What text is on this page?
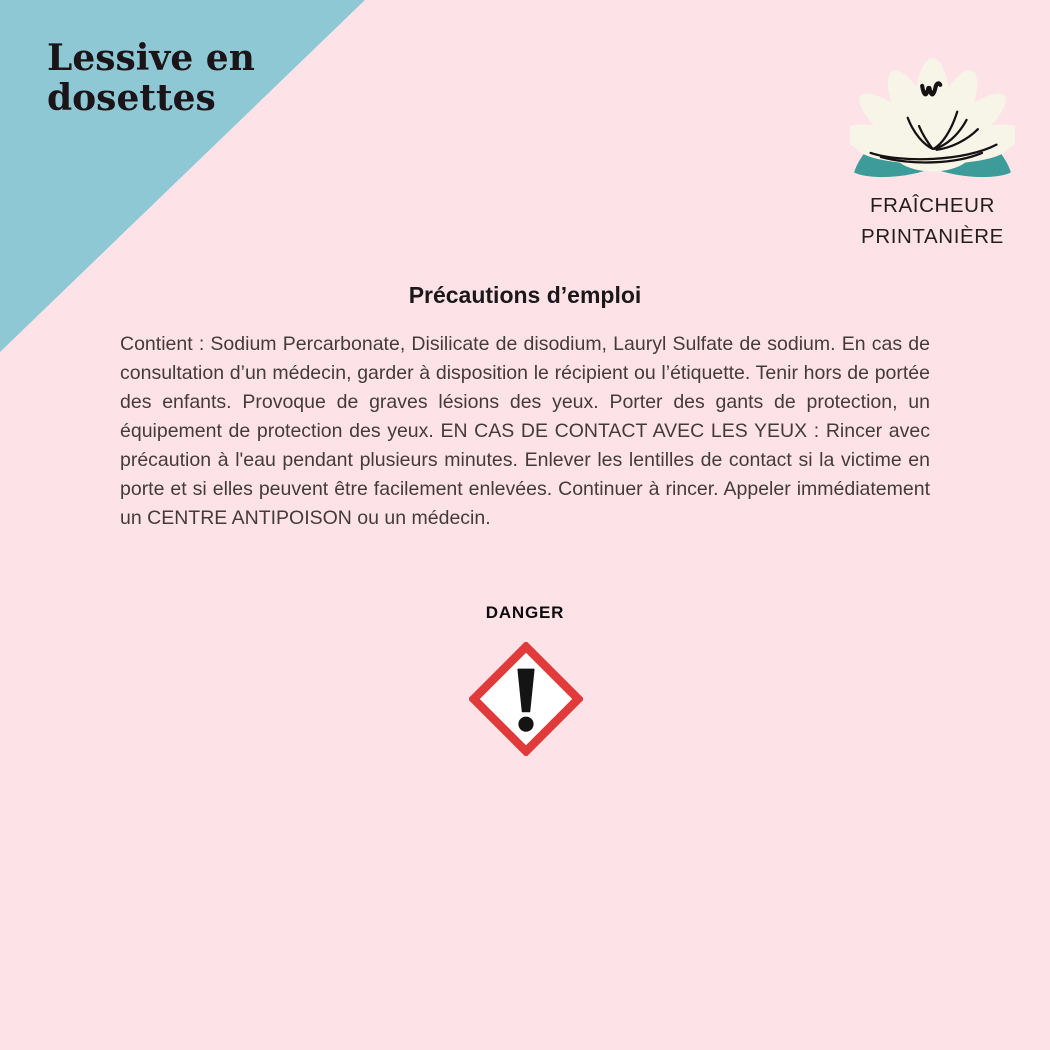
Lessive en
dosettes
FRAÎCHEUR
PRINTANIÈRE
Précautions d’emploi

Contient : Sodium Percarbonate, Disilicate de disodium, Lauryl Sulfate de sodium. En cas de consultation d’un médecin, garder à disposition le récipient ou l’étiquette. Tenir hors de portée des enfants. Provoque de graves lésions des yeux. Porter des gants de protection, un équipement de protection des yeux. EN CAS DE CONTACT AVEC LES YEUX : Rincer avec précaution à l'eau pendant plusieurs minutes. Enlever les lentilles de contact si la victime en porte et si elles peuvent être facilement enlevées. Continuer à rincer. Appeler immédiatement un CENTRE ANTIPOISON ou un médecin.

DANGER
